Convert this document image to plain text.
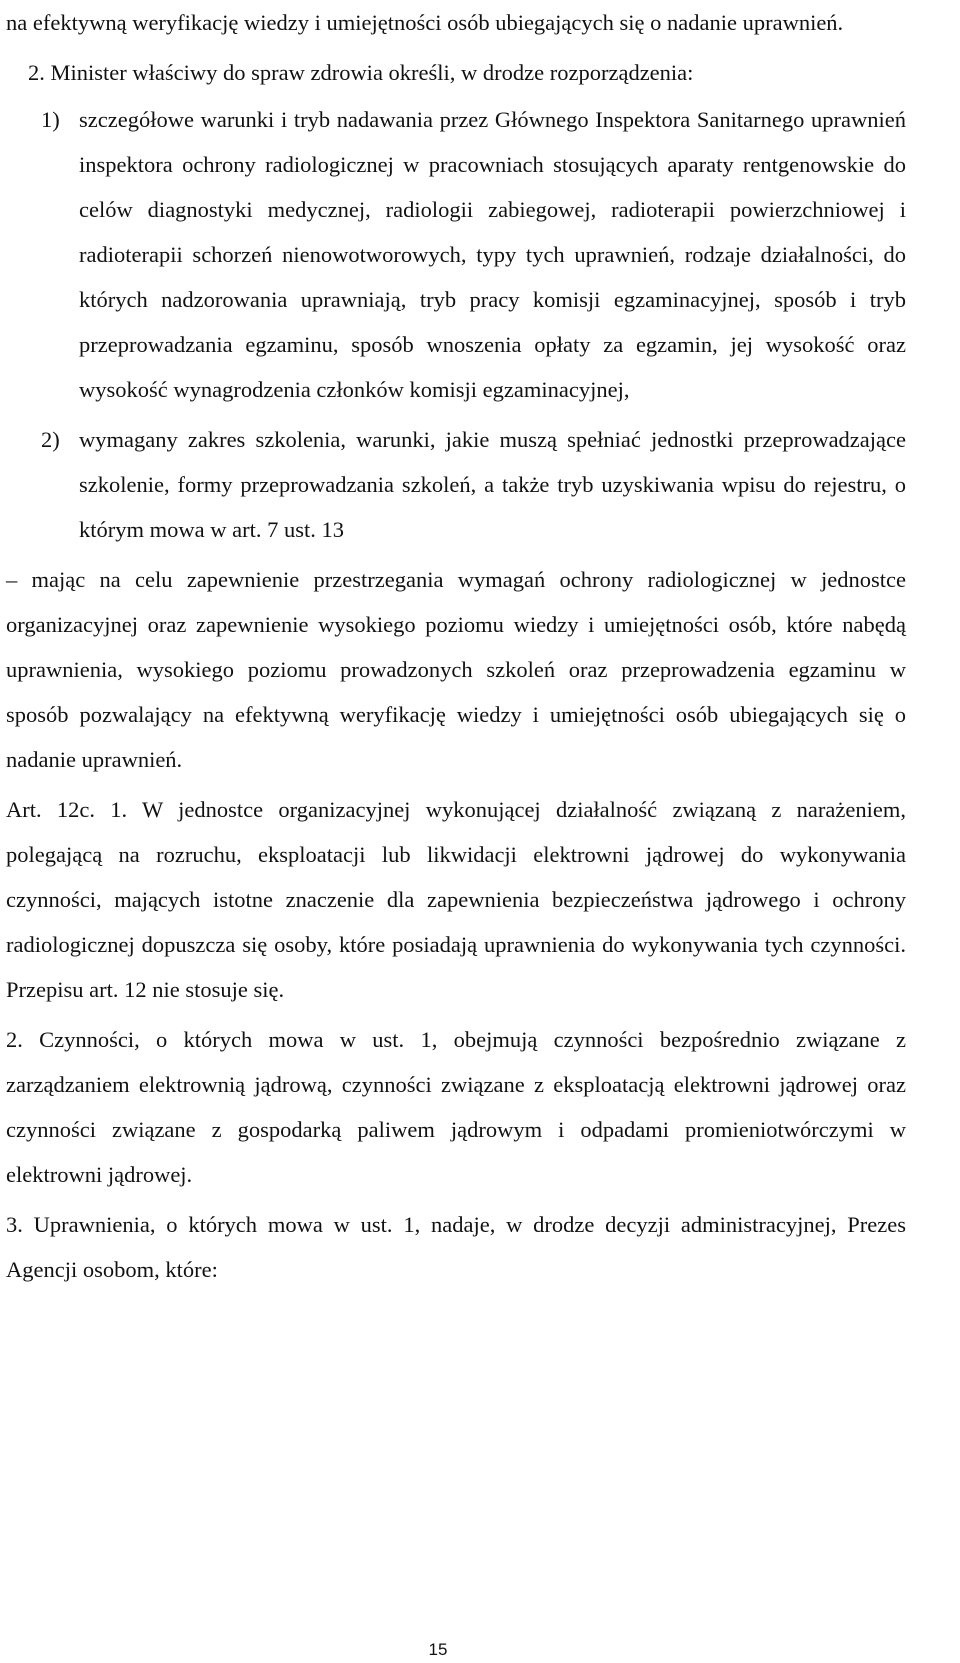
na efektywną weryfikację wiedzy i umiejętności osób ubiegających się o nadanie uprawnień.

2. Minister właściwy do spraw zdrowia określi, w drodze rozporządzenia:

1) szczegółowe warunki i tryb nadawania przez Głównego Inspektora Sanitarnego uprawnień inspektora ochrony radiologicznej w pracowniach stosujących aparaty rentgenowskie do celów diagnostyki medycznej, radiologii zabiegowej, radioterapii powierzchniowej i radioterapii schorzeń nienowotworowych, typy tych uprawnień, rodzaje działalności, do których nadzorowania uprawniają, tryb pracy komisji egzaminacyjnej, sposób i tryb przeprowadzania egzaminu, sposób wnoszenia opłaty za egzamin, jej wysokość oraz wysokość wynagrodzenia członków komisji egzaminacyjnej,
2) wymagany zakres szkolenia, warunki, jakie muszą spełniać jednostki przeprowadzające szkolenie, formy przeprowadzania szkoleń, a także tryb uzyskiwania wpisu do rejestru, o którym mowa w art. 7 ust. 13

– mając na celu zapewnienie przestrzegania wymagań ochrony radiologicznej w jednostce organizacyjnej oraz zapewnienie wysokiego poziomu wiedzy i umiejętności osób, które nabędą uprawnienia, wysokiego poziomu prowadzonych szkoleń oraz przeprowadzenia egzaminu w sposób pozwalający na efektywną weryfikację wiedzy i umiejętności osób ubiegających się o nadanie uprawnień.

Art. 12c. 1. W jednostce organizacyjnej wykonującej działalność związaną z narażeniem, polegającą na rozruchu, eksploatacji lub likwidacji elektrowni jądrowej do wykonywania czynności, mających istotne znaczenie dla zapewnienia bezpieczeństwa jądrowego i ochrony radiologicznej dopuszcza się osoby, które posiadają uprawnienia do wykonywania tych czynności. Przepisu art. 12 nie stosuje się.

2. Czynności, o których mowa w ust. 1, obejmują czynności bezpośrednio związane z zarządzaniem elektrownią jądrową, czynności związane z eksploatacją elektrowni jądrowej oraz czynności związane z gospodarką paliwem jądrowym i odpadami promieniotwórczymi w elektrowni jądrowej.

3. Uprawnienia, o których mowa w ust. 1, nadaje, w drodze decyzji administracyjnej, Prezes Agencji osobom, które:

15
